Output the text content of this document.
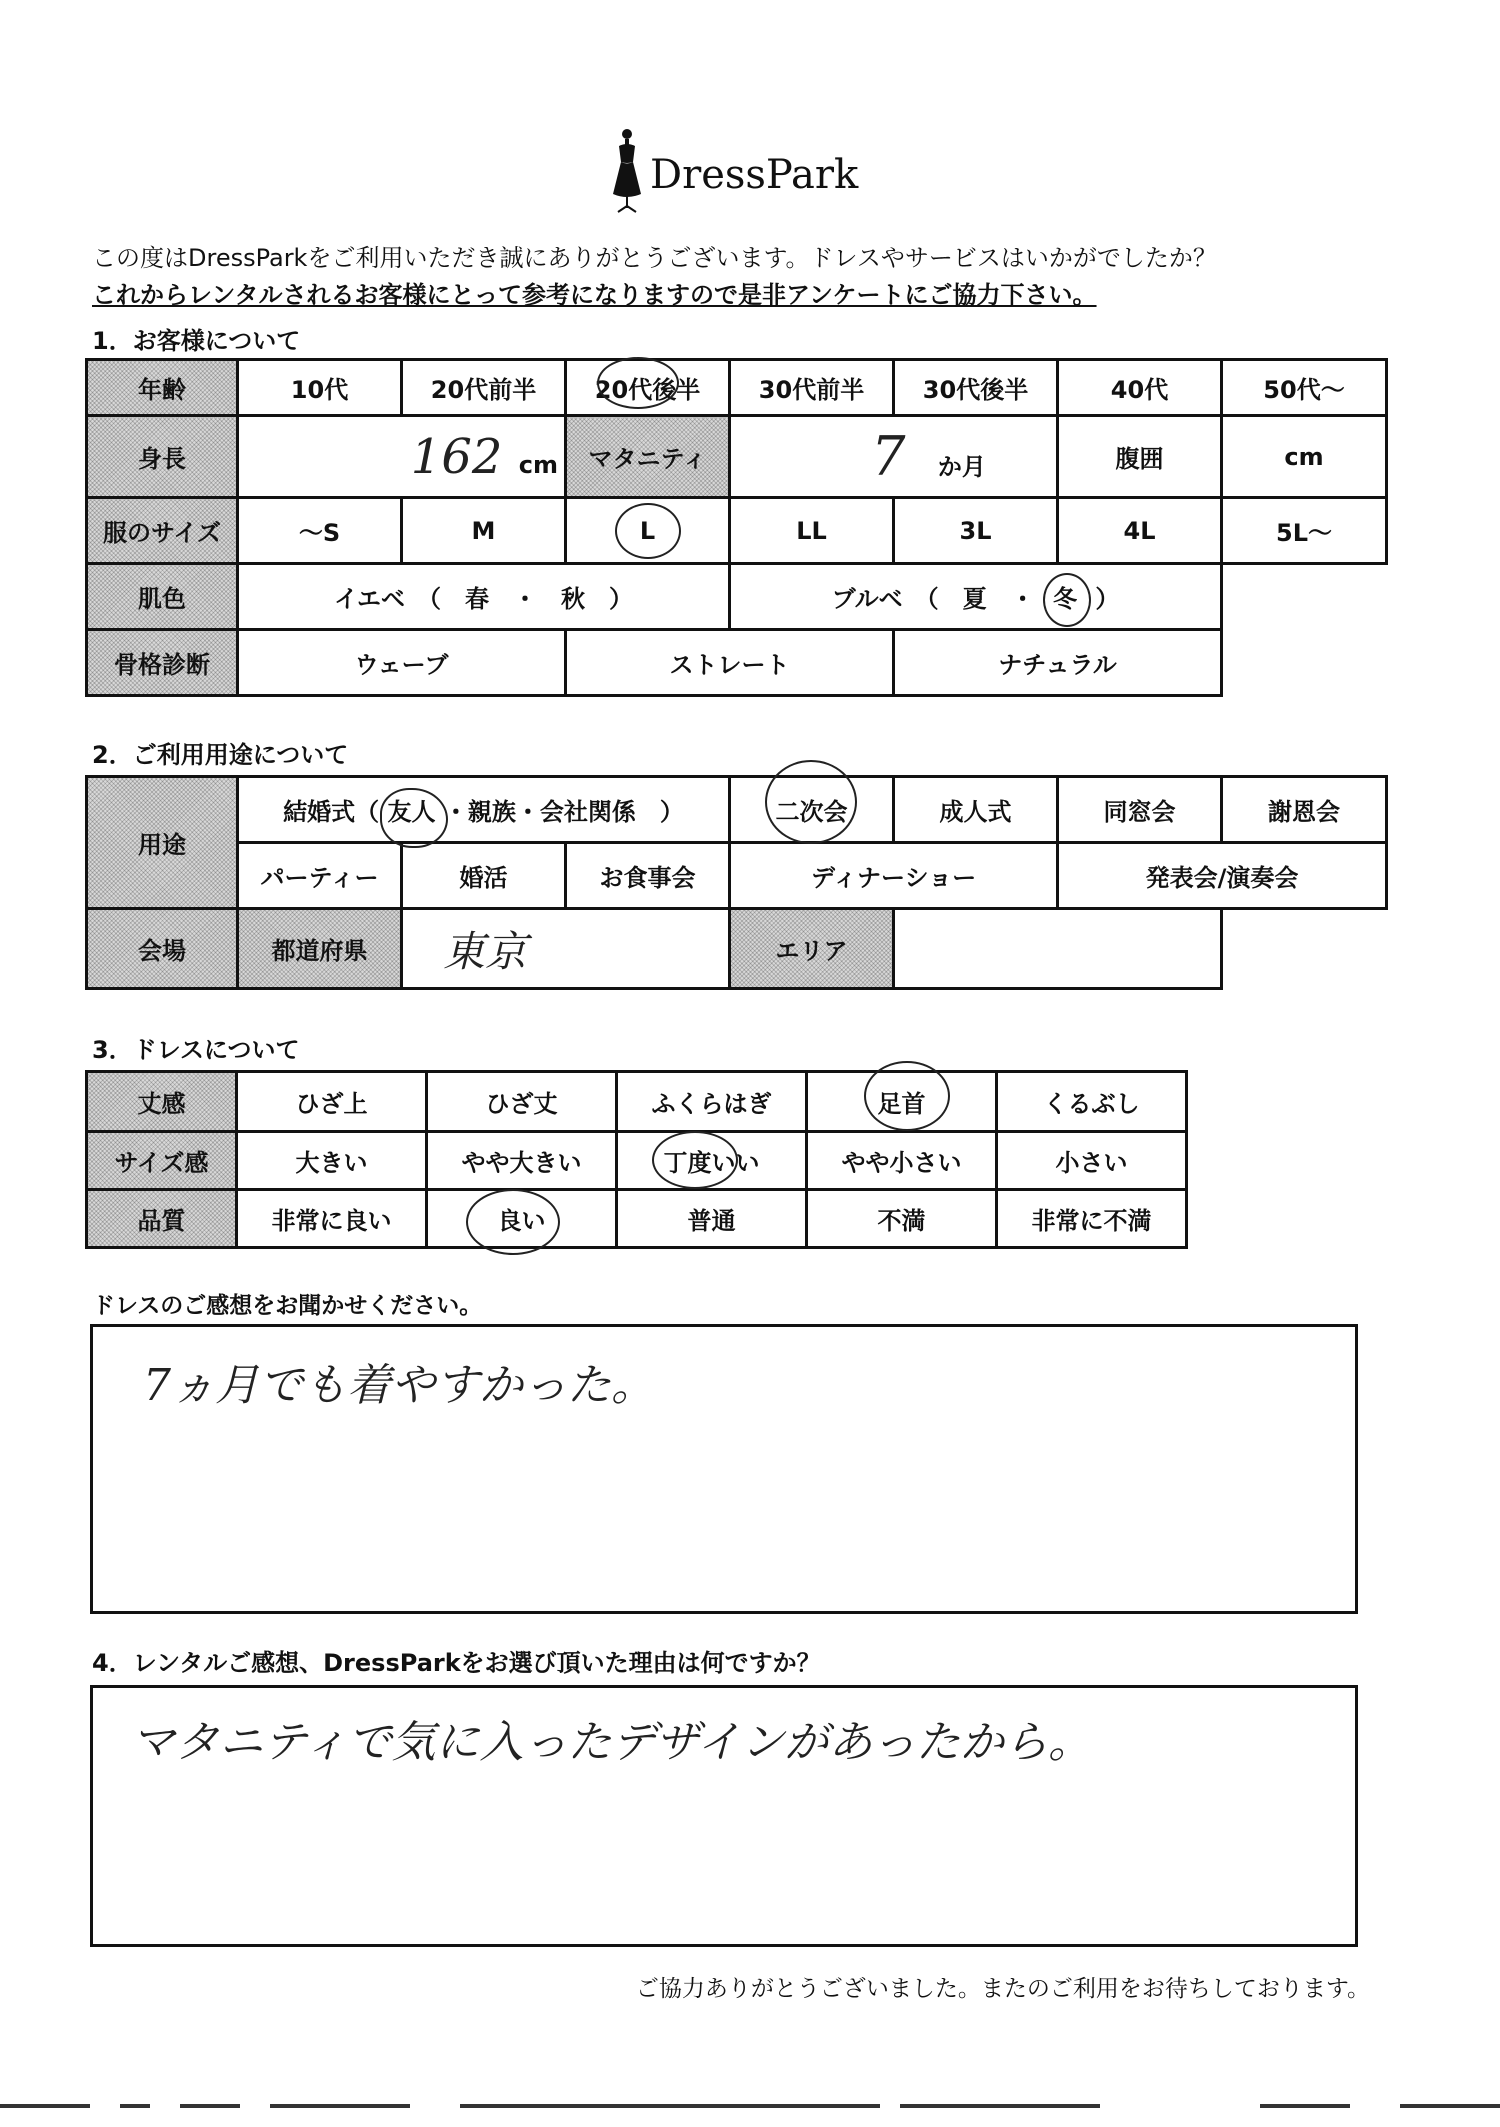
DressPark
この度はDressParkをご利用いただき誠にありがとうございます。ドレスやサービスはいかがでしたか？
これからレンタルされるお客様にとって参考になりますので是非アンケートにご協力下さい。
1．お客様について
年齢	10代	20代前半	20代後半	30代前半	30代後半	40代	50代～
身長	162 cm		マタニティ	7 か月		腹囲	cm
服のサイズ	～S	M	L	LL	3L	4L	5L～
肌色	イエベ　（　春　・　秋　）			ブルベ　（　夏　・ 冬 ）			
骨格診断	ウェーブ		ストレート		ナチュラル		
2．ご利用用途について
用途	結婚式（ 友人 ・親族・会社関係　）			二次会	成人式	同窓会	謝恩会
	パーティー	婚活	お食事会	ディナーショー		発表会/演奏会	
会場	都道府県	東京		エリア			
3．ドレスについて
丈感	ひざ上	ひざ丈	ふくらはぎ	足首	くるぶし
サイズ感	大きい	やや大きい	丁度いい	やや小さい	小さい
品質	非常に良い	良い	普通	不満	非常に不満
ドレスのご感想をお聞かせください。
7ヵ月でも着やすかった。
4．レンタルご感想、DressParkをお選び頂いた理由は何ですか？
マタニティで気に入ったデザインがあったから。
ご協力ありがとうございました。またのご利用をお待ちしております。
